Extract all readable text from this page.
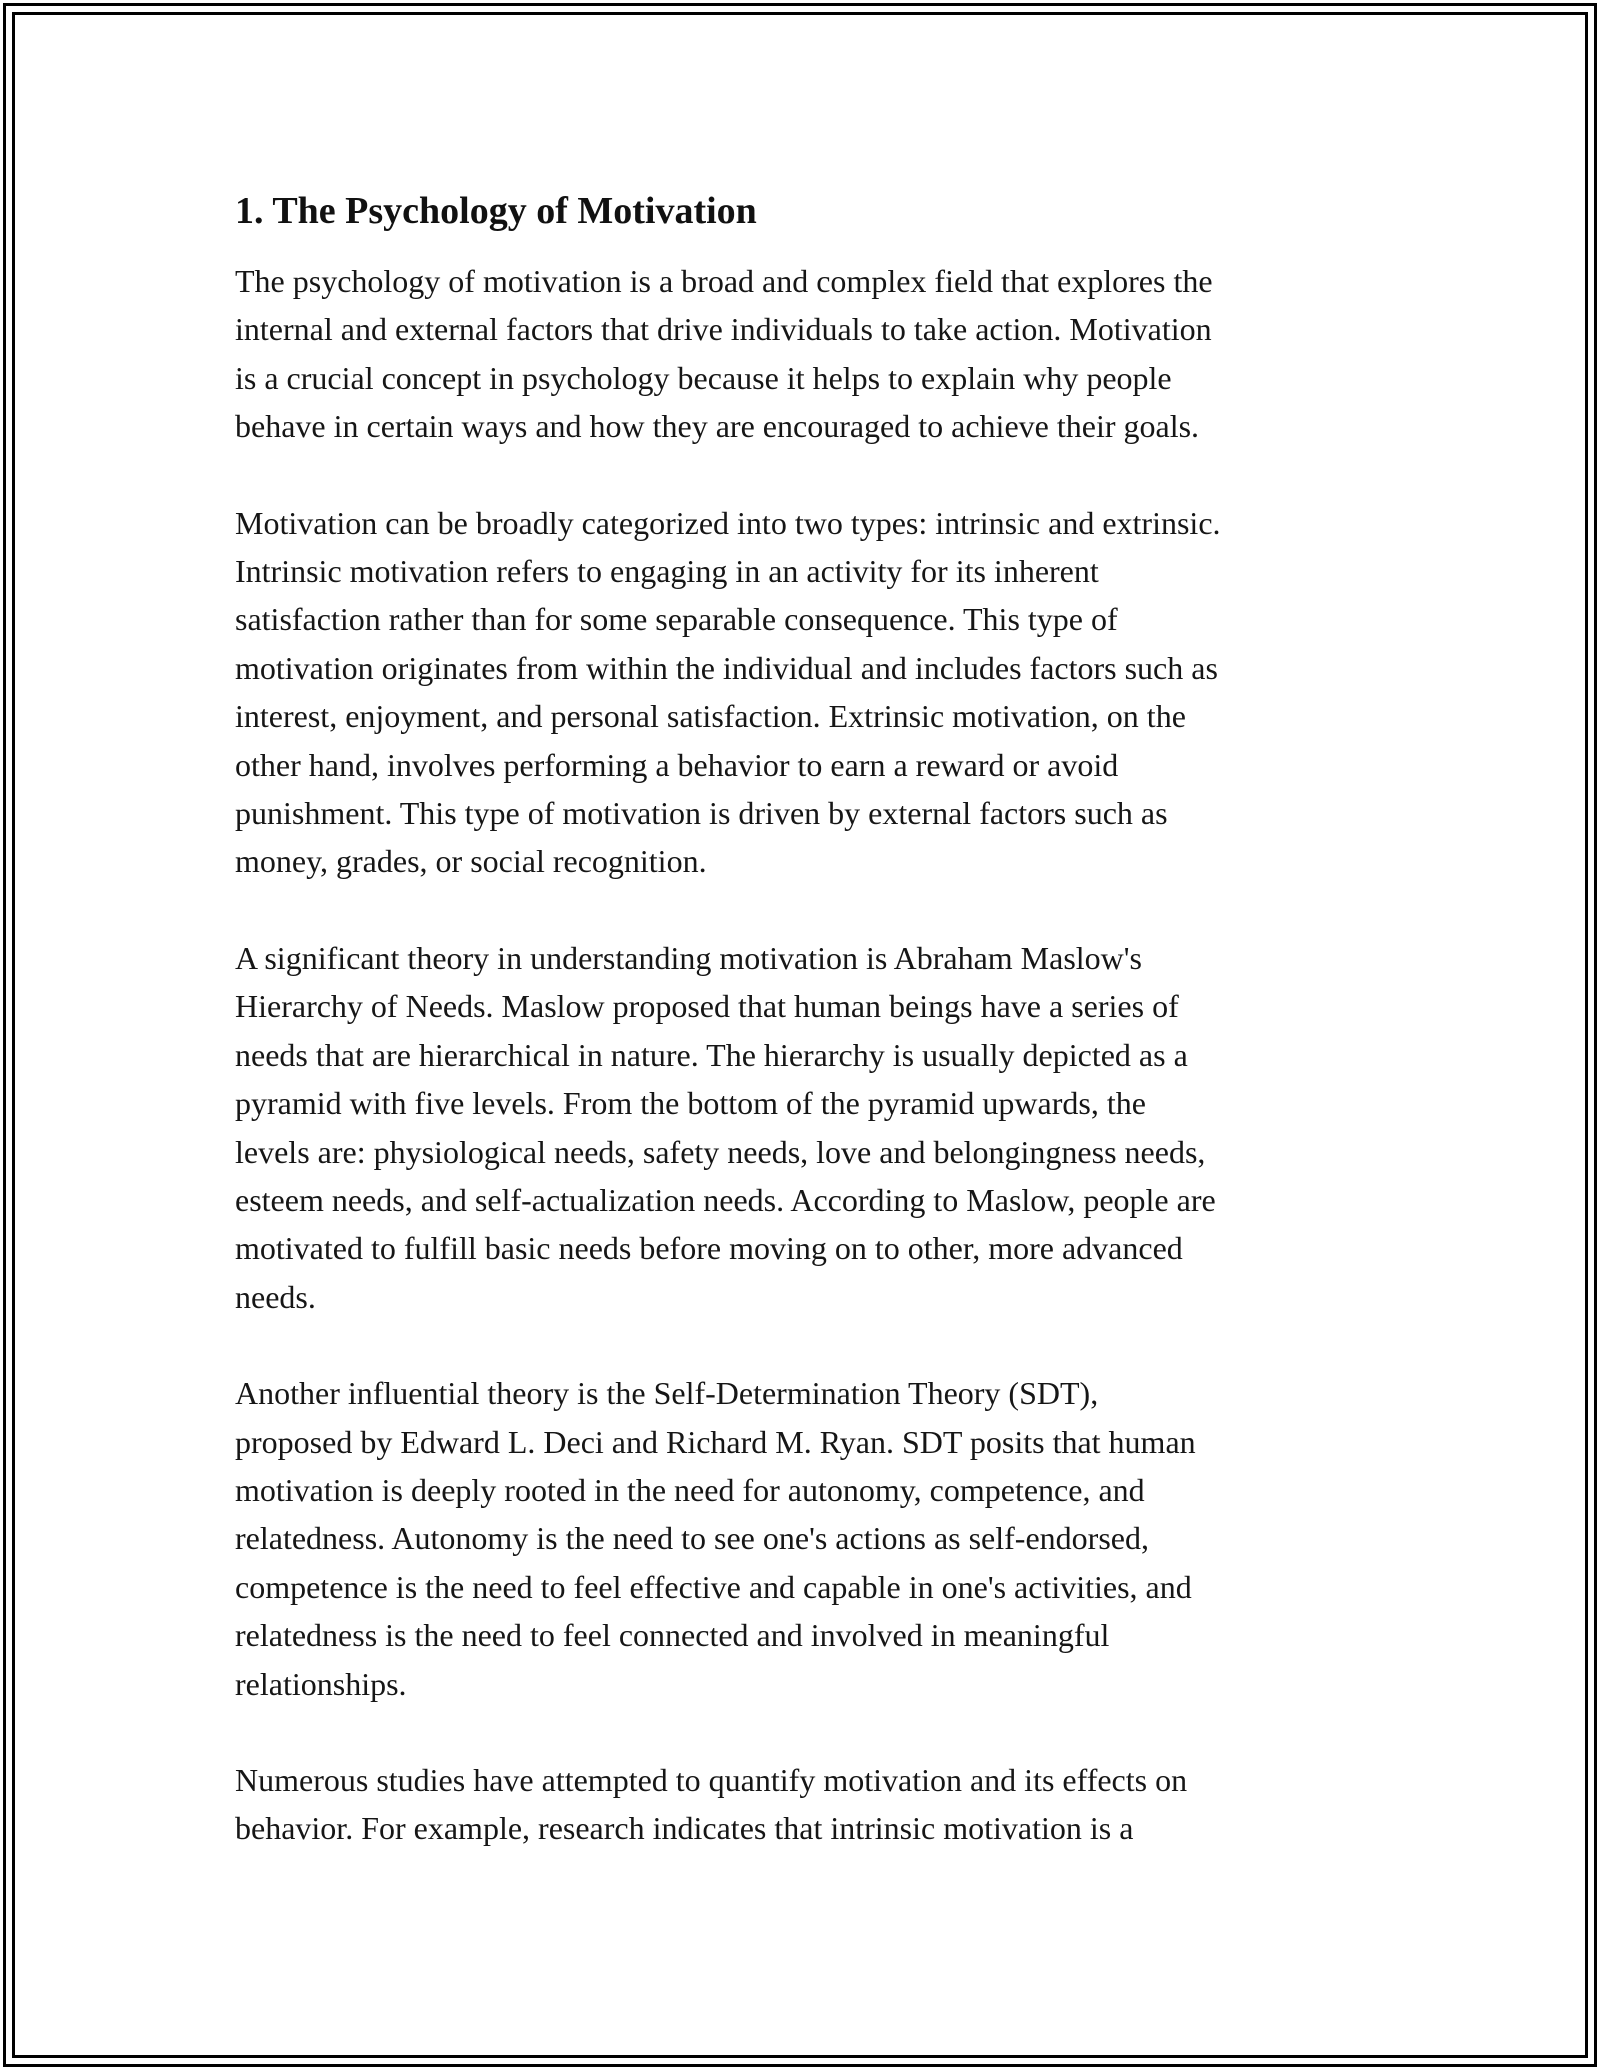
1. The Psychology of Motivation

The psychology of motivation is a broad and complex field that explores the
internal and external factors that drive individuals to take action. Motivation
is a crucial concept in psychology because it helps to explain why people
behave in certain ways and how they are encouraged to achieve their goals.

Motivation can be broadly categorized into two types: intrinsic and extrinsic.
Intrinsic motivation refers to engaging in an activity for its inherent
satisfaction rather than for some separable consequence. This type of
motivation originates from within the individual and includes factors such as
interest, enjoyment, and personal satisfaction. Extrinsic motivation, on the
other hand, involves performing a behavior to earn a reward or avoid
punishment. This type of motivation is driven by external factors such as
money, grades, or social recognition.

A significant theory in understanding motivation is Abraham Maslow's
Hierarchy of Needs. Maslow proposed that human beings have a series of
needs that are hierarchical in nature. The hierarchy is usually depicted as a
pyramid with five levels. From the bottom of the pyramid upwards, the
levels are: physiological needs, safety needs, love and belongingness needs,
esteem needs, and self-actualization needs. According to Maslow, people are
motivated to fulfill basic needs before moving on to other, more advanced
needs.

Another influential theory is the Self-Determination Theory (SDT),
proposed by Edward L. Deci and Richard M. Ryan. SDT posits that human
motivation is deeply rooted in the need for autonomy, competence, and
relatedness. Autonomy is the need to see one's actions as self-endorsed,
competence is the need to feel effective and capable in one's activities, and
relatedness is the need to feel connected and involved in meaningful
relationships.

Numerous studies have attempted to quantify motivation and its effects on
behavior. For example, research indicates that intrinsic motivation is a
